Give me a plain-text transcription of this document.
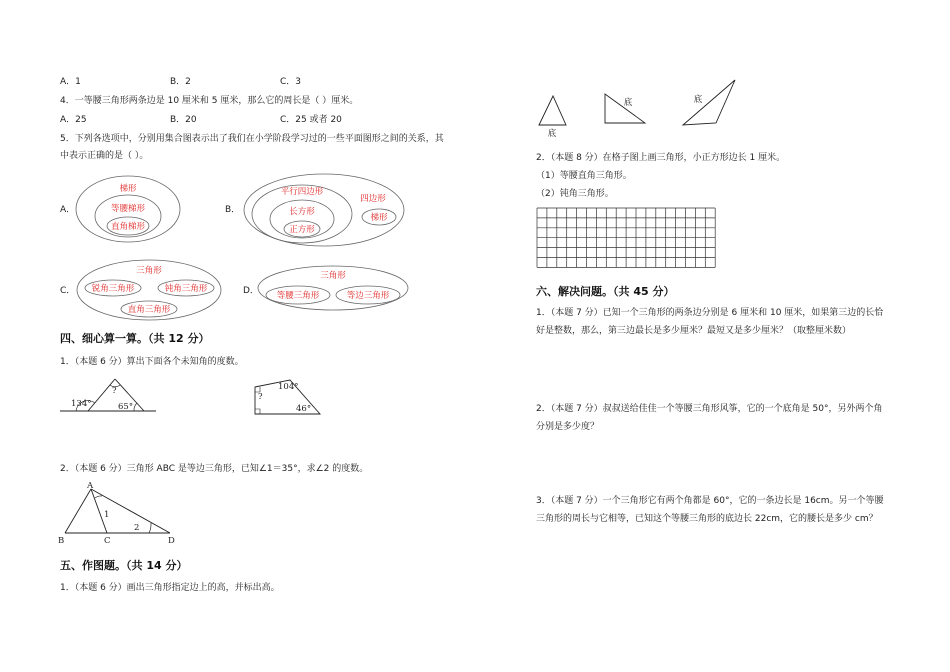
A．1	B．2	C．3
4．一等腰三角形两条边是 10 厘米和 5 厘米，那么它的周长是（ ）厘米。
A．25	B．20	C．25 或者 20
5．下列各选项中，分别用集合图表示出了我们在小学阶段学习过的一些平面图形之间的关系，其
中表示正确的是（ ）。
A．
梯形
等腰梯形
直角梯形
B．
平行四边形
长方形
正方形
四边形
梯形
C．
三角形
锐角三角形	钝角三角形
直角三角形
D．
三角形
等腰三角形	等边三角形
四、细心算一算。（共 12 分）
1．（本题 6 分）算出下面各个未知角的度数。
134°
?
65°
104°
?
46°
2．（本题 6 分）三角形 ABC 是等边三角形，已知∠1＝35°，求∠2 的度数。
A
B	C	D
1
2
五、作图题。（共 14 分）
1．（本题 6 分）画出三角形指定边上的高，并标出高。
底
底	底
2．（本题 8 分）在格子图上画三角形，小正方形边长 1 厘米。
（1）等腰直角三角形。
（2）钝角三角形。
六、解决问题。（共 45 分）
1．（本题 7 分）已知一个三角形的两条边分别是 6 厘米和 10 厘米，如果第三边的长恰
好是整数，那么，第三边最长是多少厘米？最短又是多少厘米？（取整厘米数）
2．（本题 7 分）叔叔送给佳佳一个等腰三角形风筝，它的一个底角是 50°，另外两个角
分别是多少度？
3．（本题 7 分）一个三角形它有两个角都是 60°，它的一条边长是 16cm。另一个等腰
三角形的周长与它相等，已知这个等腰三角形的底边长 22cm，它的腰长是多少 cm？
